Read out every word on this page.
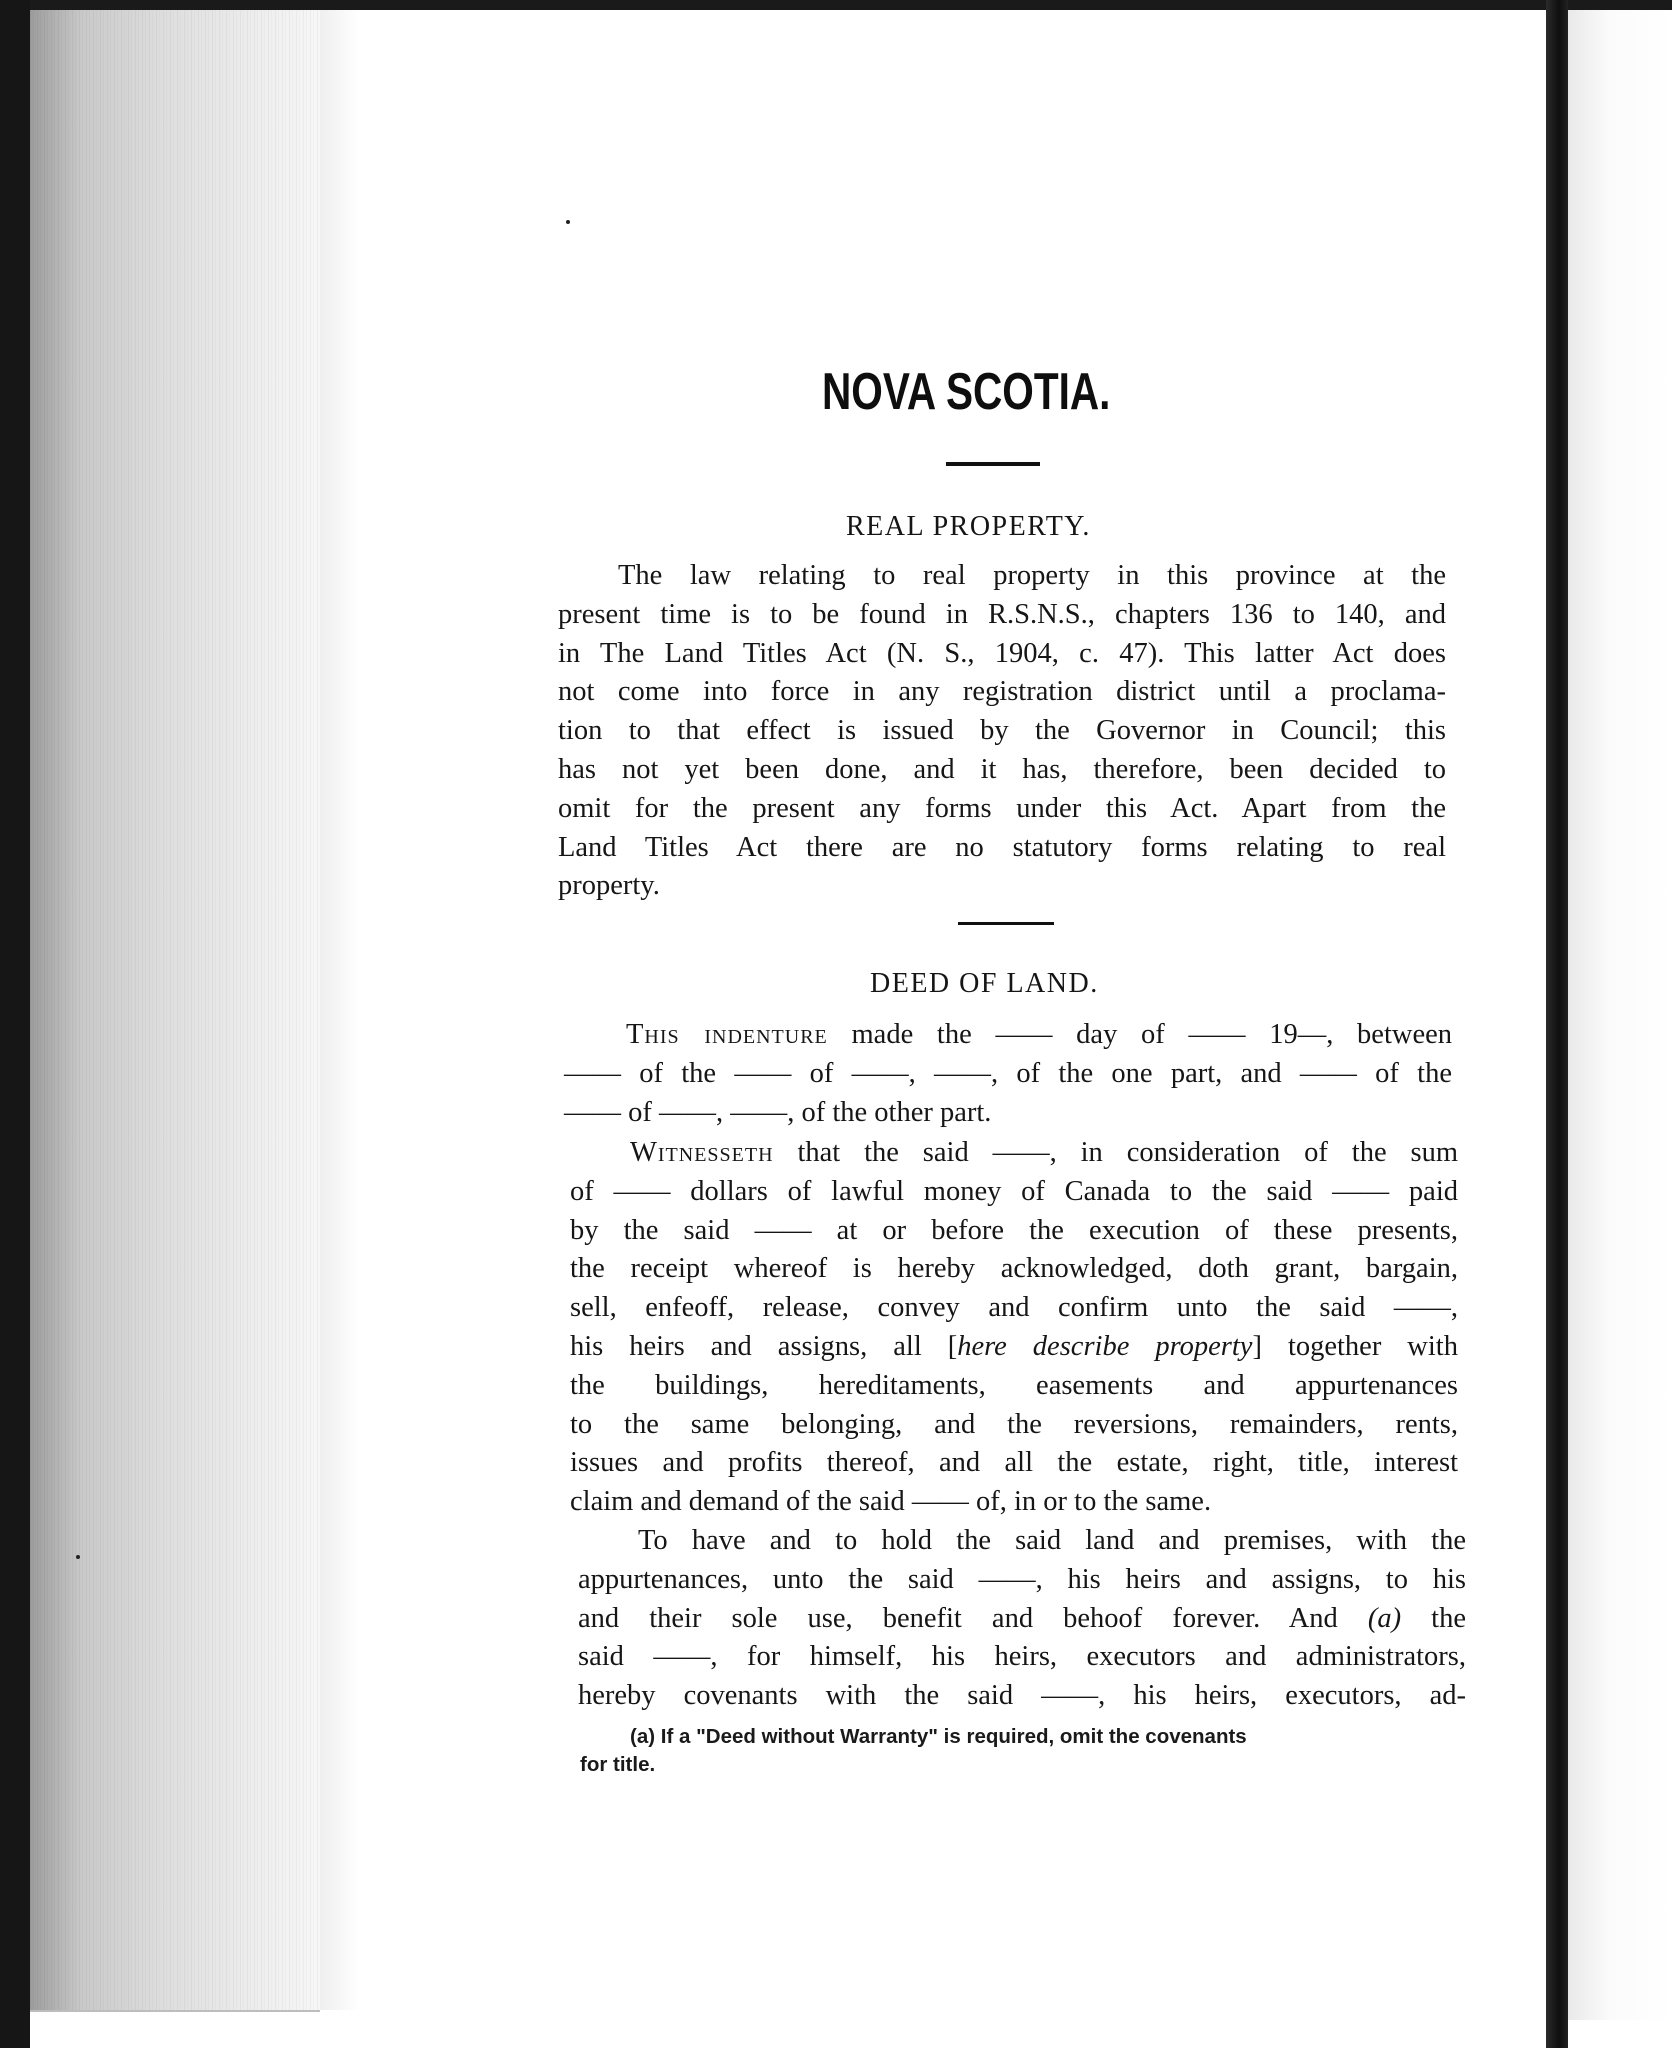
NOVA SCOTIA.
REAL PROPERTY.
The law relating to real property in this province at the
present time is to be found in R.S.N.S., chapters 136 to 140, and
in The Land Titles Act (N. S., 1904, c. 47). This latter Act does
not come into force in any registration district until a proclama-
tion to that effect is issued by the Governor in Council; this
has not yet been done, and it has, therefore, been decided to
omit for the present any forms under this Act. Apart from the
Land Titles Act there are no statutory forms relating to real
property.
DEED OF LAND.
This indenture made the —— day of —— 19—, between
—— of the —— of ——, ——, of the one part, and —— of the
—— of ——, ——, of the other part.
Witnesseth that the said ——, in consideration of the sum
of —— dollars of lawful money of Canada to the said —— paid
by the said —— at or before the execution of these presents,
the receipt whereof is hereby acknowledged, doth grant, bargain,
sell, enfeoff, release, convey and confirm unto the said ——,
his heirs and assigns, all [here describe property] together with
the buildings, hereditaments, easements and appurtenances
to the same belonging, and the reversions, remainders, rents,
issues and profits thereof, and all the estate, right, title, interest
claim and demand of the said —— of, in or to the same.
To have and to hold the said land and premises, with the
appurtenances, unto the said ——, his heirs and assigns, to his
and their sole use, benefit and behoof forever. And (a) the
said ——, for himself, his heirs, executors and administrators,
hereby covenants with the said ——, his heirs, executors, ad-
(a) If a "Deed without Warranty" is required, omit the covenants
for title.
